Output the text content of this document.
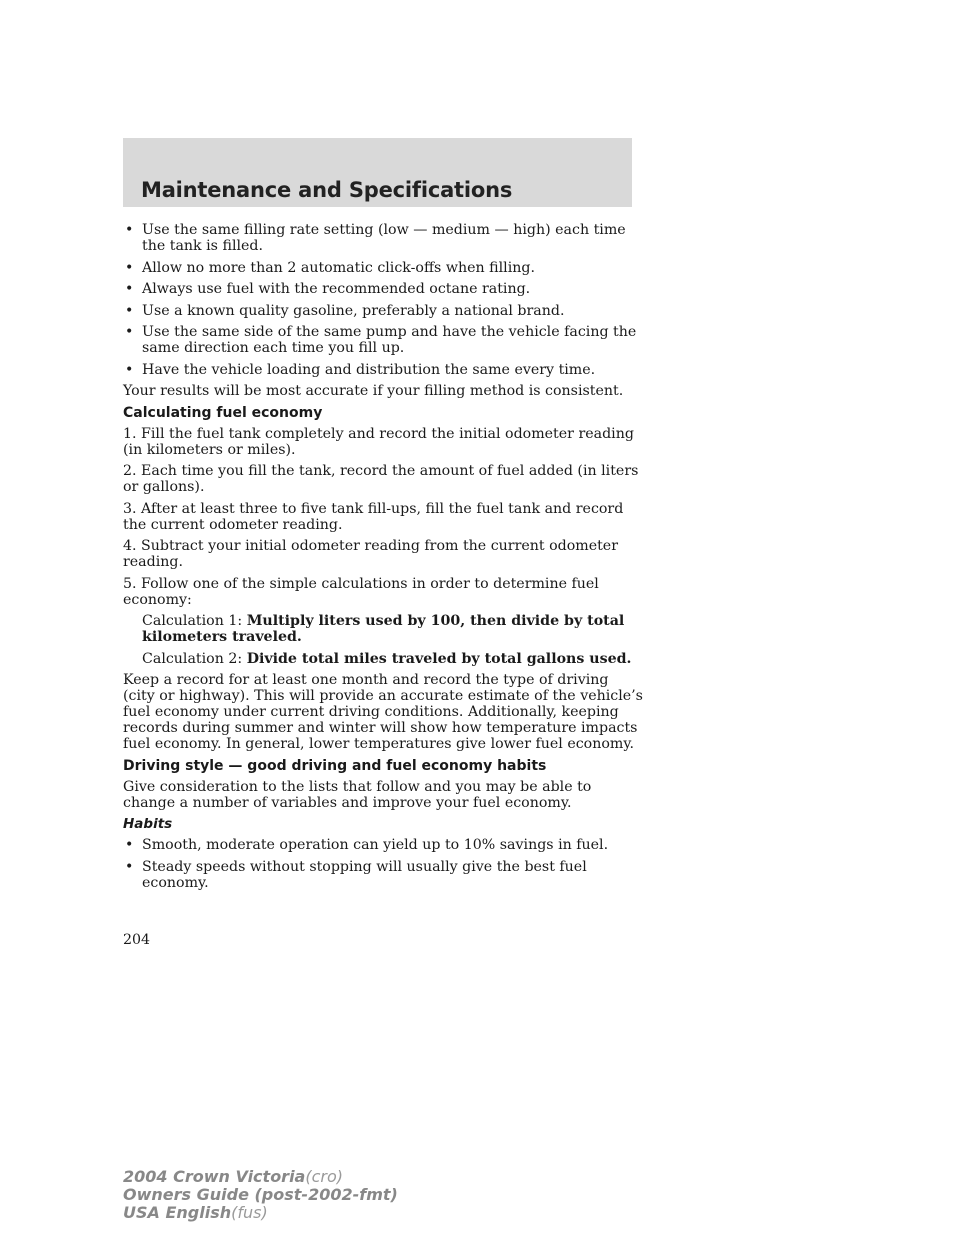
Maintenance and Specifications
• Use the same filling rate setting (low — medium — high) each time the tank is filled.
• Allow no more than 2 automatic click-offs when filling.
• Always use fuel with the recommended octane rating.
• Use a known quality gasoline, preferably a national brand.
• Use the same side of the same pump and have the vehicle facing the same direction each time you fill up.
• Have the vehicle loading and distribution the same every time.

Your results will be most accurate if your filling method is consistent.

Calculating fuel economy

1. Fill the fuel tank completely and record the initial odometer reading (in kilometers or miles).

2. Each time you fill the tank, record the amount of fuel added (in liters or gallons).

3. After at least three to five tank fill-ups, fill the fuel tank and record the current odometer reading.

4. Subtract your initial odometer reading from the current odometer reading.

5. Follow one of the simple calculations in order to determine fuel economy:

Calculation 1: Multiply liters used by 100, then divide by total kilometers traveled.
Calculation 2: Divide total miles traveled by total gallons used.

Keep a record for at least one month and record the type of driving (city or highway). This will provide an accurate estimate of the vehicle’s fuel economy under current driving conditions. Additionally, keeping records during summer and winter will show how temperature impacts fuel economy. In general, lower temperatures give lower fuel economy.

Driving style — good driving and fuel economy habits

Give consideration to the lists that follow and you may be able to change a number of variables and improve your fuel economy.

Habits
• Smooth, moderate operation can yield up to 10% savings in fuel.
• Steady speeds without stopping will usually give the best fuel economy.
204
2004 Crown Victoria(cro)
Owners Guide (post-2002-fmt)
USA English(fus)
